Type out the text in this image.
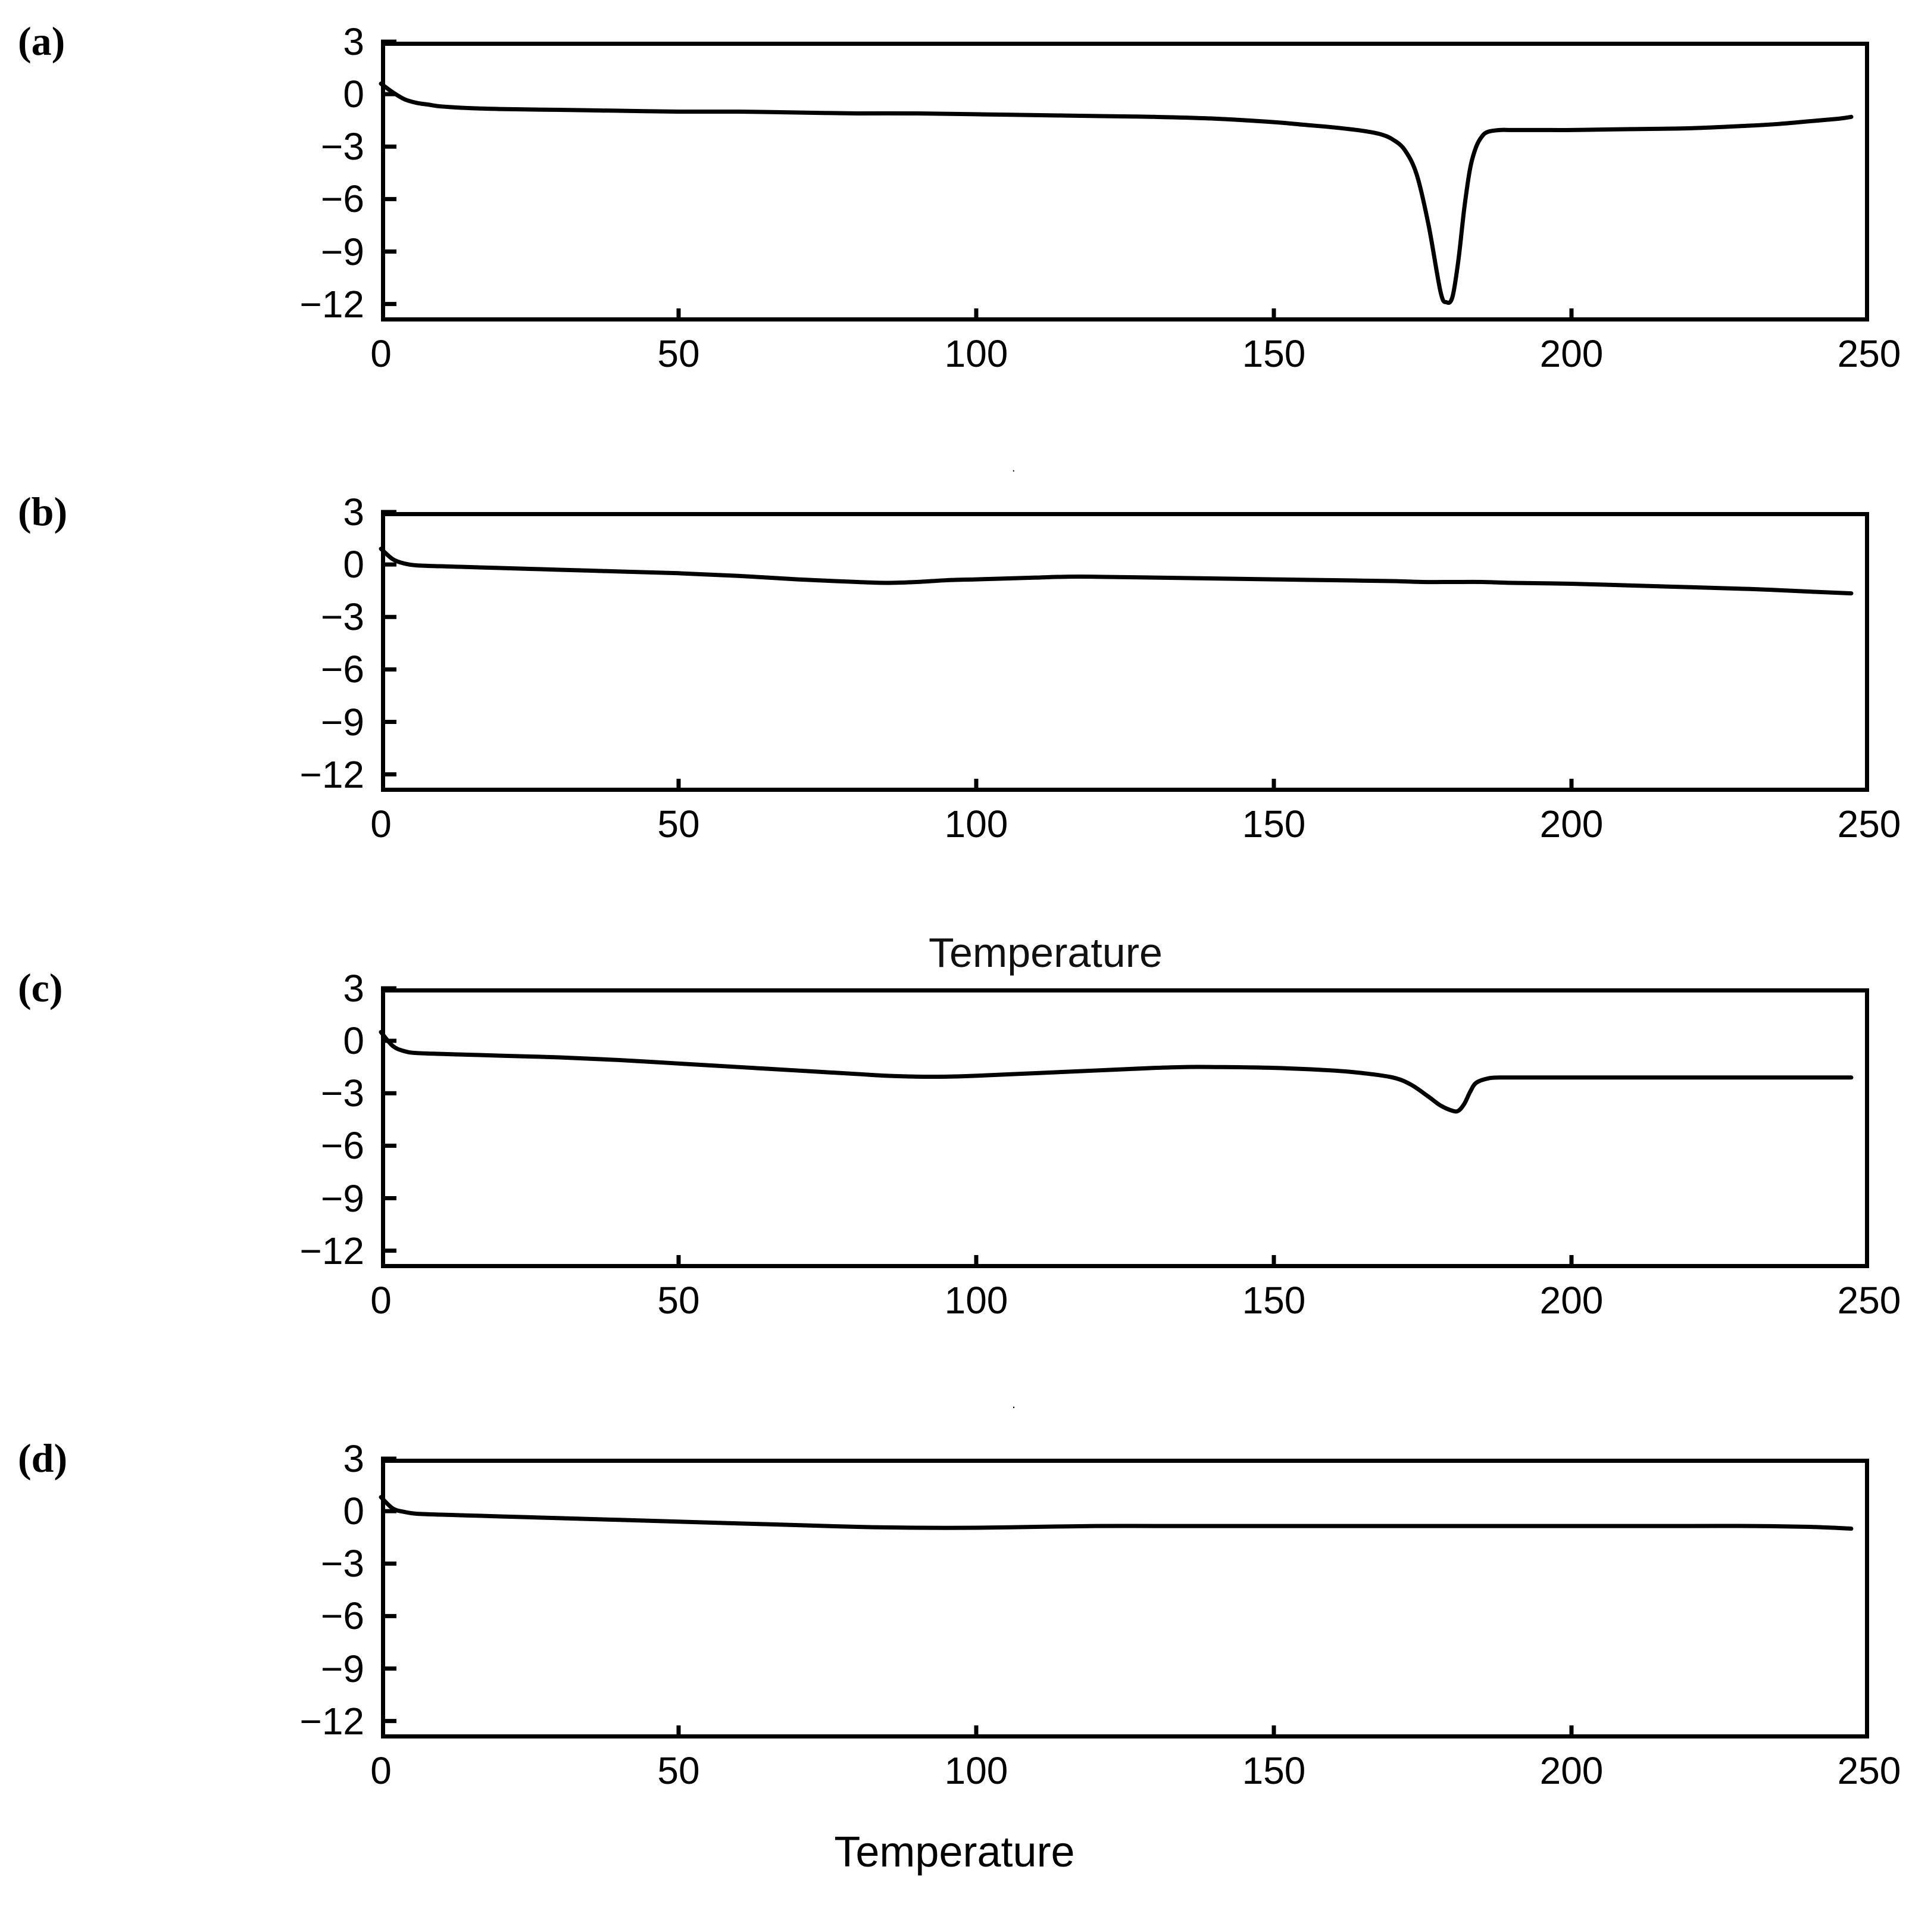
(a)	3
0
−3
−6
−9
−12
0	50	100	150	200	250
(b)	3
0
−3
−6
−9
−12
0	50	100	150	200	250
(c)	3
0
−3
−6
−9
−12
0	50	100	150	200	250
(d)	3
0
−3
−6
−9
−12
0	50	100	150	200	250
.
Temperature
.
Temperature
